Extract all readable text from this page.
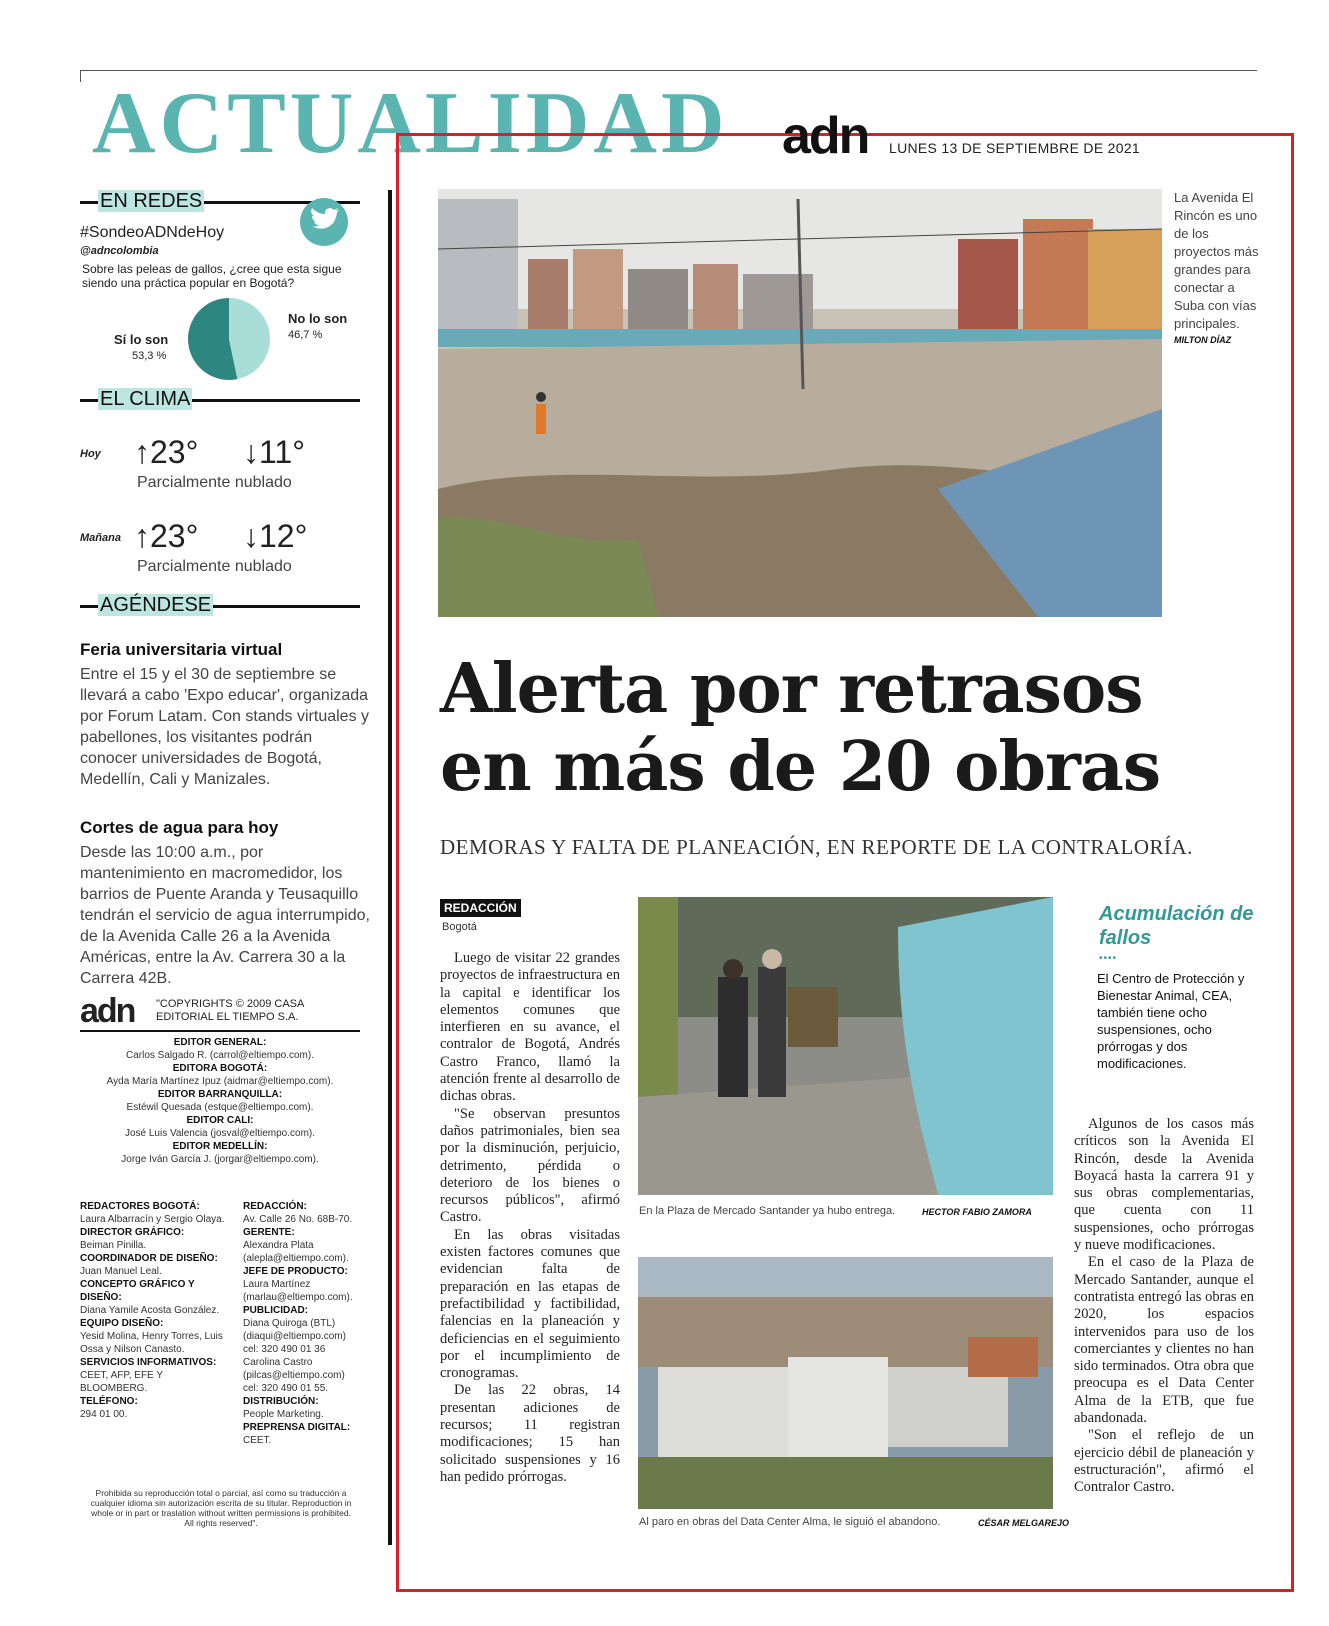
ACTUALIDAD adn LUNES 13 DE SEPTIEMBRE DE 2021
EN REDES
#SondeoADNdeHoy
@adncolombia
Sobre las peleas de gallos, ¿cree que esta sigue siendo una práctica popular en Bogotá?
Sí lo son
53,3 %
No lo son
46,7 %
EL CLIMA
Hoy ↑23° ↓11°
Parcialmente nublado
Mañana ↑23° ↓12°
Parcialmente nublado
AGÉNDESE
Feria universitaria virtual
Entre el 15 y el 30 de septiembre se llevará a cabo 'Expo educar', organizada por Forum Latam. Con stands virtuales y pabellones, los visitantes podrán conocer universidades de Bogotá, Medellín, Cali y Manizales.
Cortes de agua para hoy
Desde las 10:00 a.m., por mantenimiento en macromedidor, los barrios de Puente Aranda y Teusaquillo tendrán el servicio de agua interrumpido, de la Avenida Calle 26 a la Avenida Américas, entre la Av. Carrera 30 a la Carrera 42B.
adn "COPYRIGHTS © 2009 CASA EDITORIAL EL TIEMPO S.A.
EDITOR GENERAL:
Carlos Salgado R. (carrol@eltiempo.com).
EDITORA BOGOTÁ:
Ayda María Martínez Ipuz (aidmar@eltiempo.com).
EDITOR BARRANQUILLA:
Estéwil Quesada (estque@eltiempo.com).
EDITOR CALI:
José Luis Valencia (josval@eltiempo.com).
EDITOR MEDELLÍN:
Jorge Iván García J. (jorgar@eltiempo.com).
REDACTORES BOGOTÁ:
Laura Albarracín y Sergio Olaya.
DIRECTOR GRÁFICO:
Beiman Pinilla.
COORDINADOR DE DISEÑO:
Juan Manuel Leal.
CONCEPTO GRÁFICO Y DISEÑO:
Diana Yamile Acosta González.
EQUIPO DISEÑO:
Yesid Molina, Henry Torres, Luis Ossa y Nilson Canasto.
SERVICIOS INFORMATIVOS:
CEET, AFP, EFE Y BLOOMBERG.
TELÉFONO:
294 01 00.
REDACCIÓN:
Av. Calle 26 No. 68B-70.
GERENTE:
Alexandra Plata (alepla@eltiempo.com).
JEFE DE PRODUCTO:
Laura Martínez (marlau@eltiempo.com).
PUBLICIDAD:
Diana Quiroga (BTL) (diaqui@eltiempo.com) cel: 320 490 01 36 Carolina Castro (pilcas@eltiempo.com) cel: 320 490 01 55.
DISTRIBUCIÓN:
People Marketing.
PREPRENSA DIGITAL:
CEET.
Prohibida su reproducción total o parcial, así como su traducción a cualquier idioma sin autorización escrita de su titular. Reproduction in whole or in part or traslation without written permissions is prohibited. All rights reserved".
La Avenida El Rincón es uno de los proyectos más grandes para conectar a Suba con vías principales.
MILTON DÍAZ
Alerta por retrasos en más de 20 obras
DEMORAS Y FALTA DE PLANEACIÓN, EN REPORTE DE LA CONTRALORÍA.
REDACCIÓN
Bogotá

Luego de visitar 22 grandes proyectos de infraestructura en la capital e identificar los elementos comunes que interfieren en su avance, el contralor de Bogotá, Andrés Castro Franco, llamó la atención frente al desarrollo de dichas obras.

"Se observan presuntos daños patrimoniales, bien sea por la disminución, perjuicio, detrimento, pérdida o deterioro de los bienes o recursos públicos", afirmó Castro.

En las obras visitadas existen factores comunes que evidencian falta de preparación en las etapas de prefactibilidad y factibilidad, falencias en la planeación y deficiencias en el seguimiento por el incumplimiento de cronogramas.

De las 22 obras, 14 presentan adiciones de recursos; 11 registran modificaciones; 15 han solicitado suspensiones y 16 han pedido prórrogas.

En la Plaza de Mercado Santander ya hubo entrega.	HECTOR FABIO ZAMORA
Al paro en obras del Data Center Alma, le siguió el abandono.	CÉSAR MELGAREJO
Acumulación de fallos
••••
El Centro de Protección y Bienestar Animal, CEA, también tiene ocho suspensiones, ocho prórrogas y dos modificaciones.

Algunos de los casos más críticos son la Avenida El Rincón, desde la Avenida Boyacá hasta la carrera 91 y sus obras complementarias, que cuenta con 11 suspensiones, ocho prórrogas y nueve modificaciones.

En el caso de la Plaza de Mercado Santander, aunque el contratista entregó las obras en 2020, los espacios intervenidos para uso de los comerciantes y clientes no han sido terminados. Otra obra que preocupa es el Data Center Alma de la ETB, que fue abandonada.

"Son el reflejo de un ejercicio débil de planeación y estructuración", afirmó el Contralor Castro.
